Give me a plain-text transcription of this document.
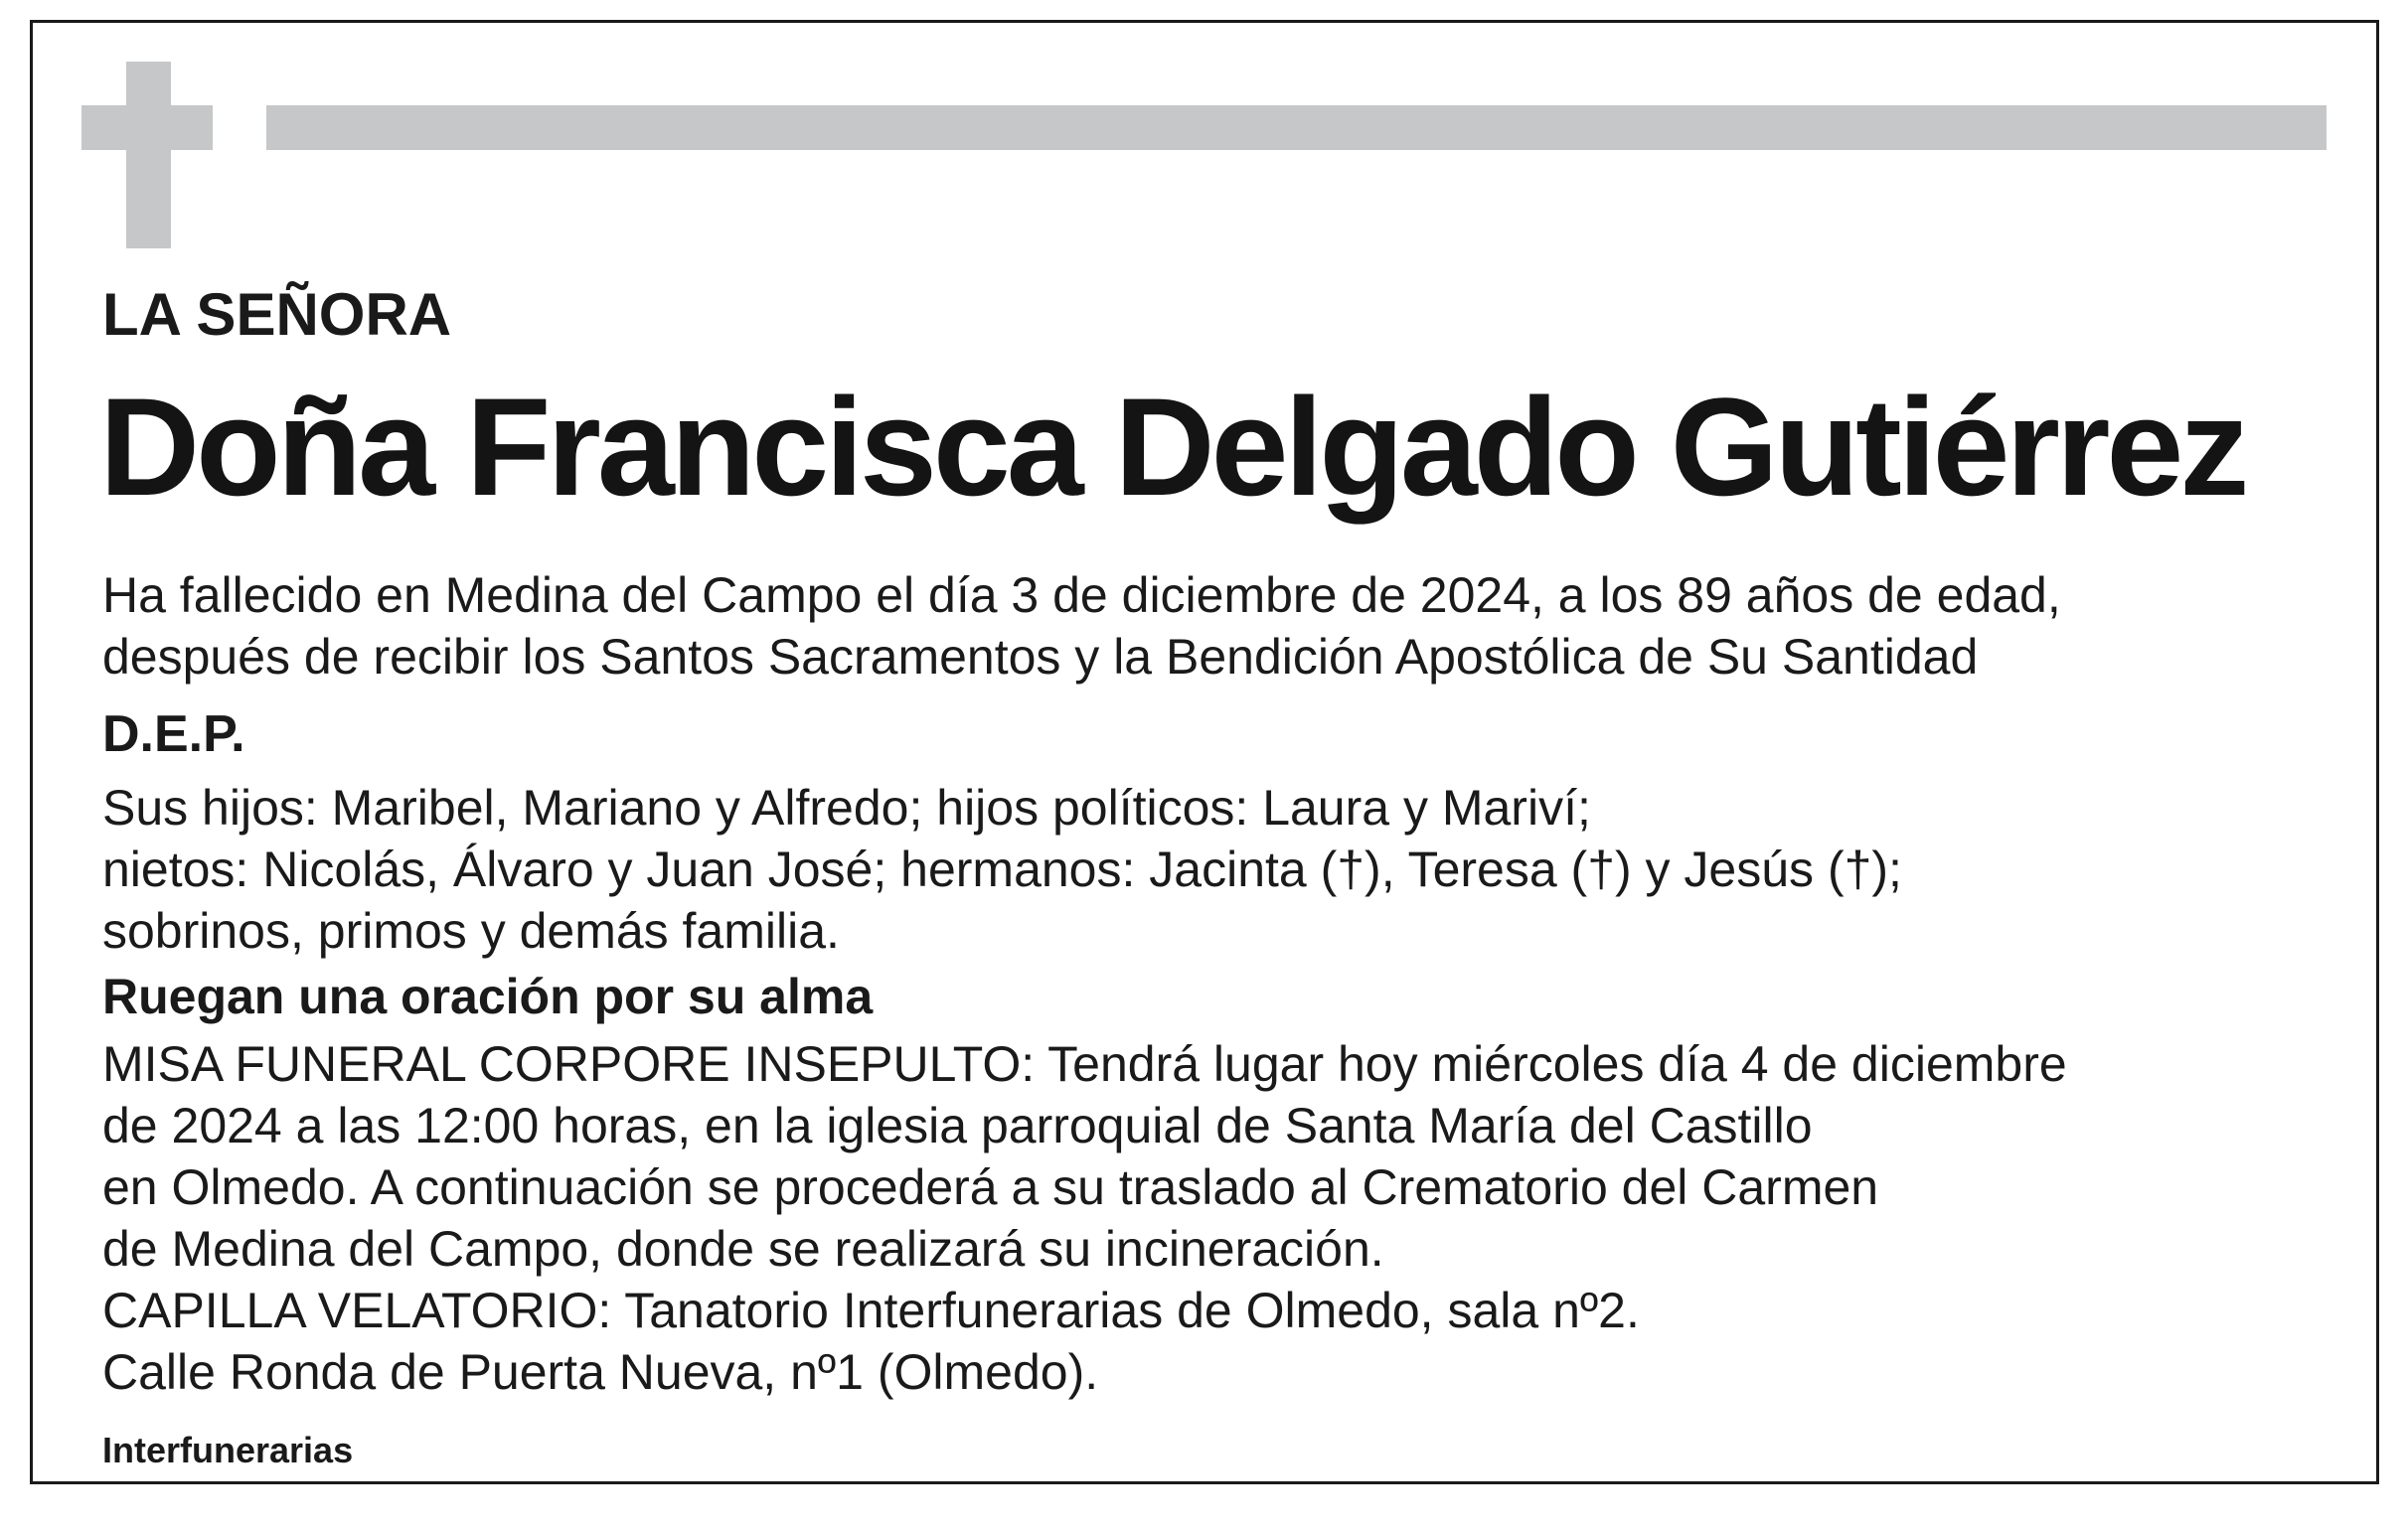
LA SEÑORA
Doña Francisca Delgado Gutiérrez

Ha fallecido en Medina del Campo el día 3 de diciembre de 2024, a los 89 años de edad,

después de recibir los Santos Sacramentos y la Bendición Apostólica de Su Santidad

D.E.P.

Sus hijos: Maribel, Mariano y Alfredo; hijos políticos: Laura y Mariví;

nietos: Nicolás, Álvaro y Juan José; hermanos: Jacinta (†), Teresa (†) y Jesús (†);

sobrinos, primos y demás familia.

Ruegan una oración por su alma

MISA FUNERAL CORPORE INSEPULTO: Tendrá lugar hoy miércoles día 4 de diciembre

de 2024 a las 12:00 horas, en la iglesia parroquial de Santa María del Castillo

en Olmedo. A continuación se procederá a su traslado al Crematorio del Carmen

de Medina del Campo, donde se realizará su incineración.

CAPILLA VELATORIO: Tanatorio Interfunerarias de Olmedo, sala nº2.

Calle Ronda de Puerta Nueva, nº1 (Olmedo).

Interfunerarias
